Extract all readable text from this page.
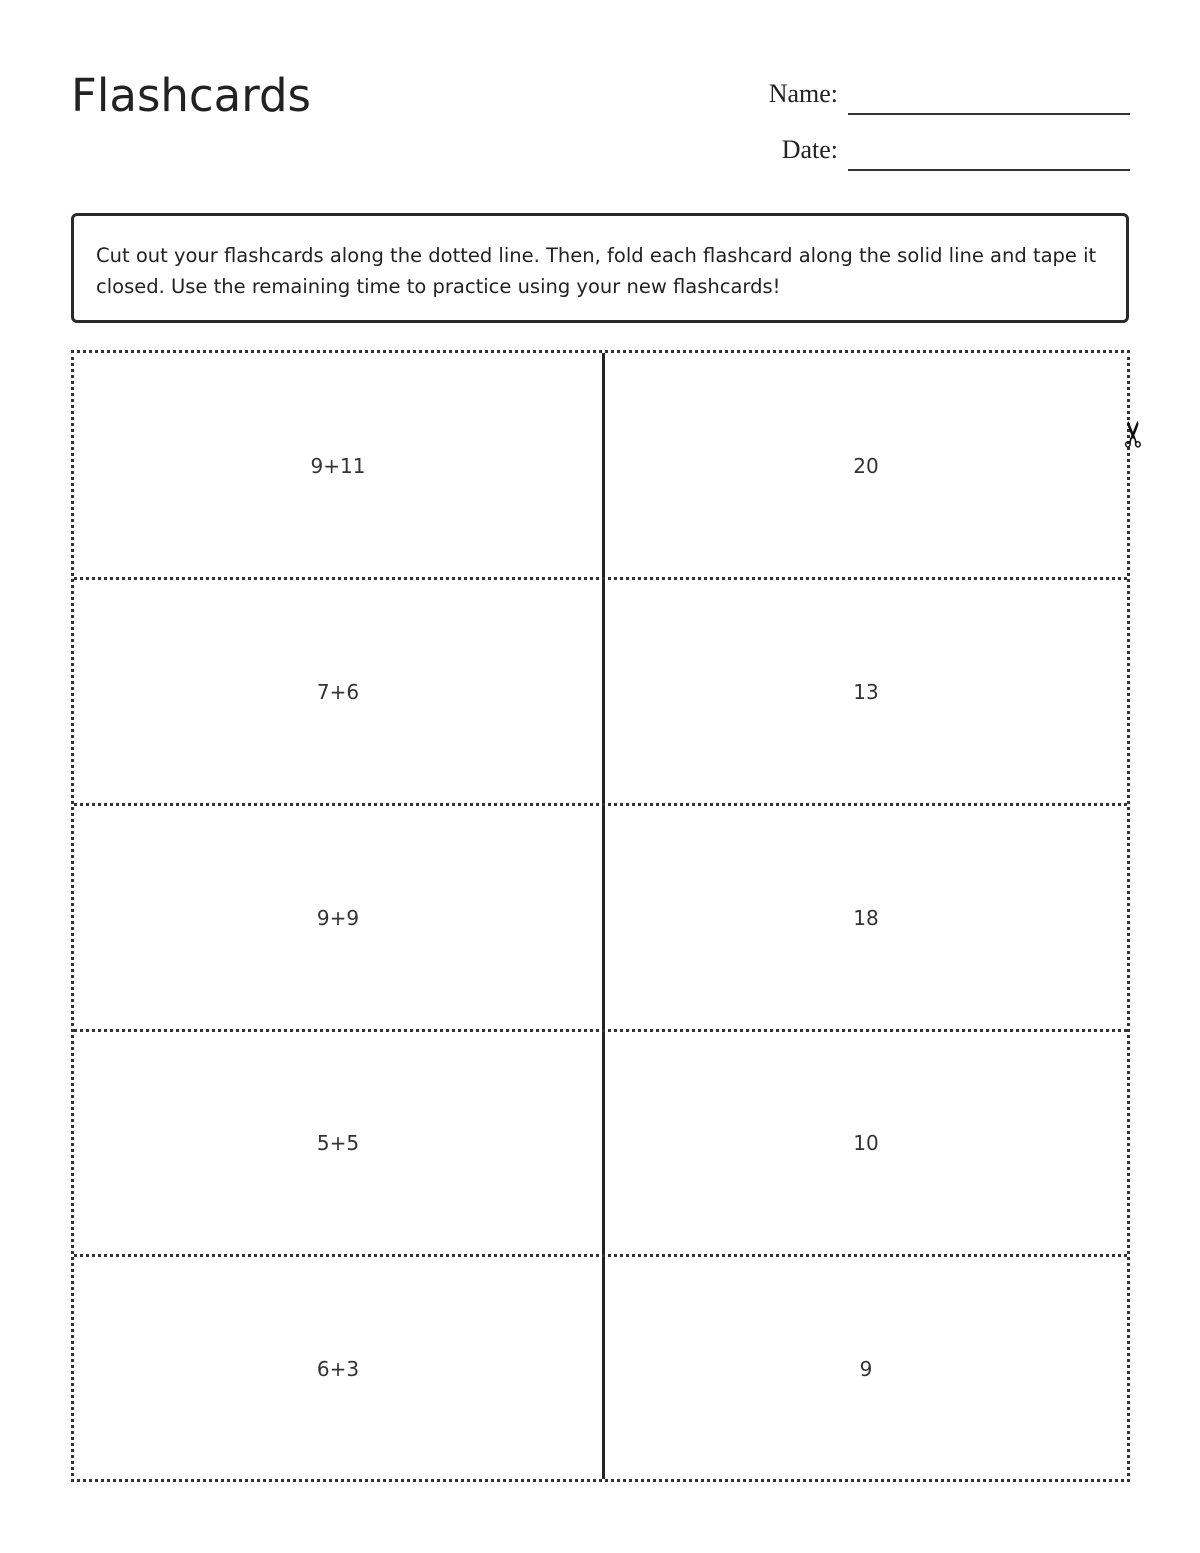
Flashcards	Name:
Date:
Cut out your flashcards along the dotted line. Then, fold each flashcard along the solid line and tape it closed. Use the remaining time to practice using your new flashcards!
9+11	20
7+6	13
9+9	18
5+5	10
6+3	9
✂
